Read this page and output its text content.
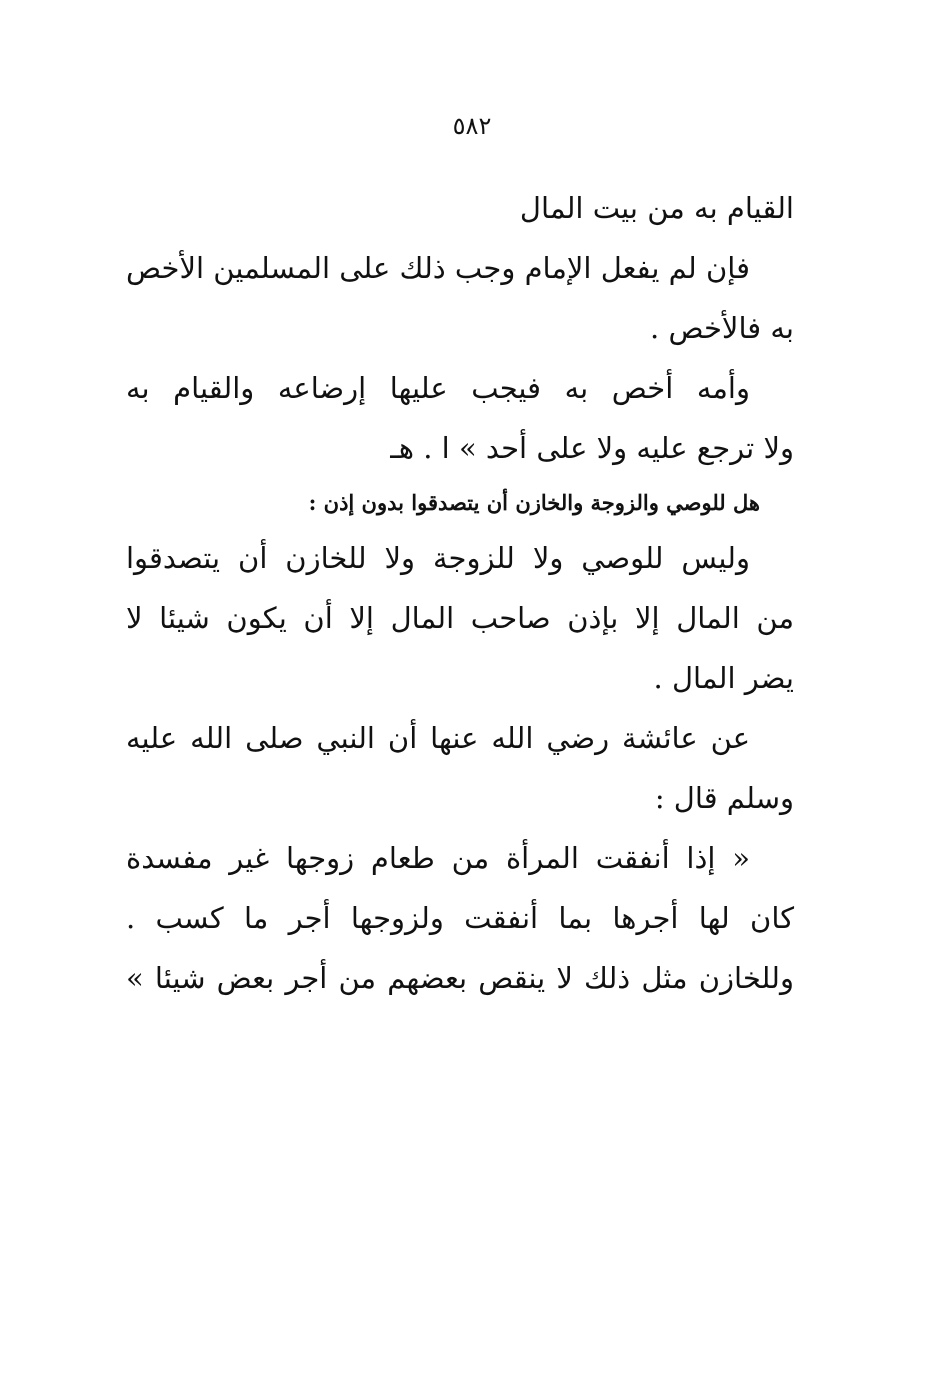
٥٨٢
القيام به من بيت المال
فإن لم يفعل الإمام وجب ذلك على المسلمين الأخص
به فالأخص .
وأمه أخص به فيجب عليها إرضاعه والقيام به
ولا ترجع عليه ولا على أحد » ا . هـ
هل للوصي والزوجة والخازن أن يتصدقوا بدون إذن :
وليس للوصي ولا للزوجة ولا للخازن أن يتصدقوا
من المال إلا بإذن صاحب المال إلا أن يكون شيئا لا
يضر المال .
عن عائشة رضي الله عنها أن النبي صلى الله عليه
وسلم قال :
« إذا أنفقت المرأة من طعام زوجها غير مفسدة
كان لها أجرها بما أنفقت ولزوجها أجر ما كسب .
وللخازن مثل ذلك لا ينقص بعضهم من أجر بعض شيئا »
